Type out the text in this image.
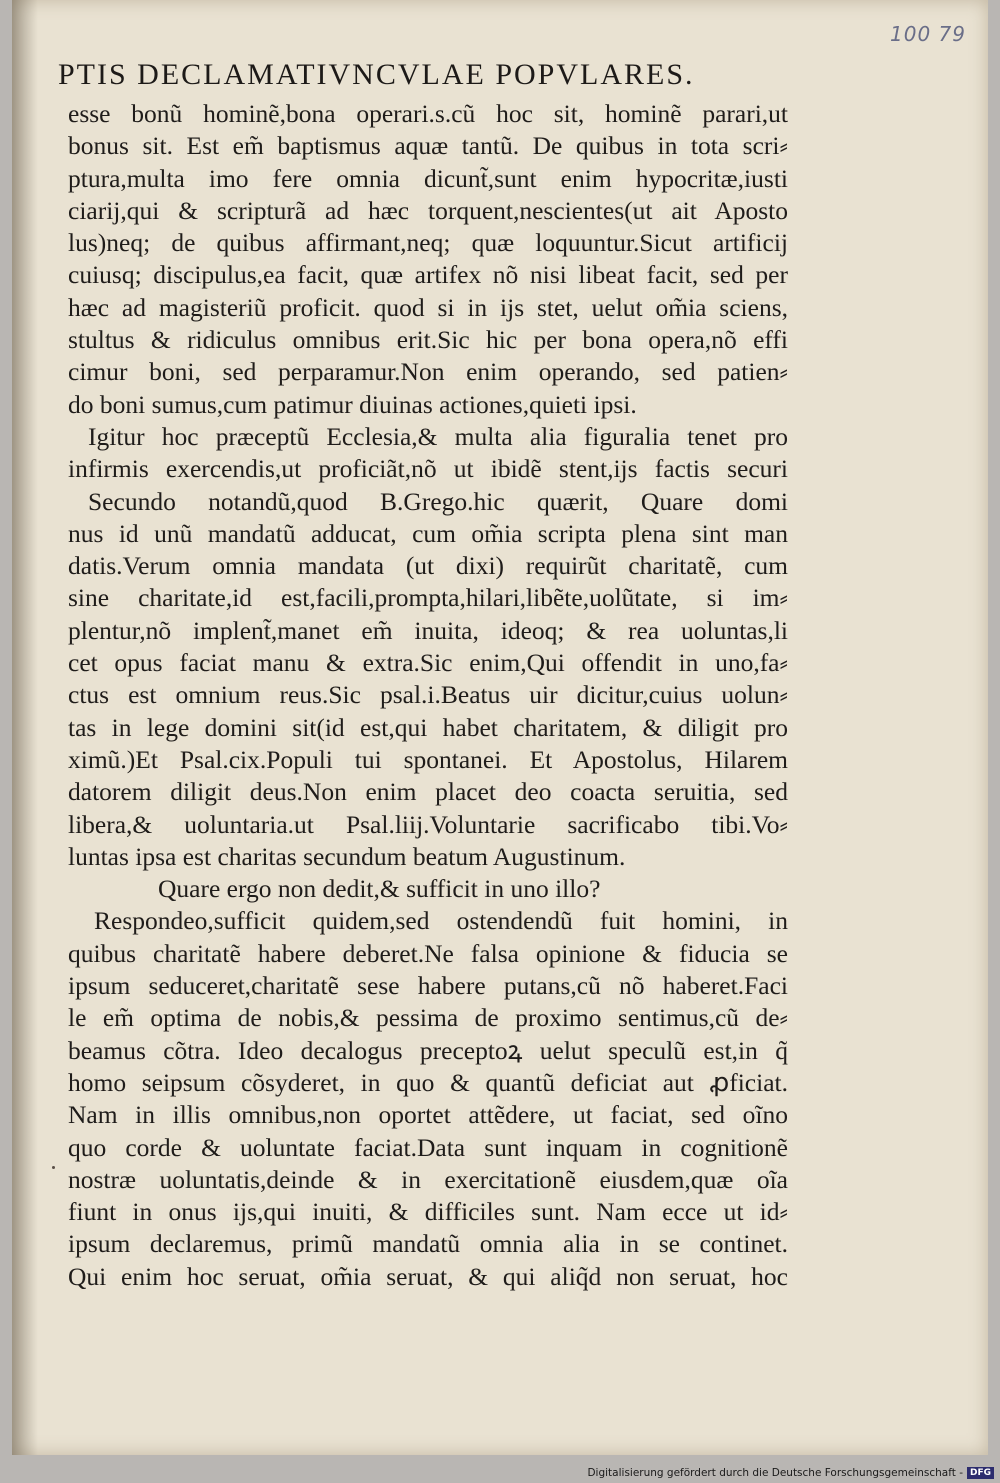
100 79
PTIS DECLAMATIVNCVLAE POPVLARES.
esse bonũ hominẽ,bona operari.s.cũ hoc sit, hominẽ parari,ut
bonus sit. Est em̃ baptismus aquæ tantũ. De quibus in tota scri⸗
ptura,multa imo fere omnia dicunt̃,sunt enim hypocritæ,iusti
ciarij,qui & scripturã ad hæc torquent,nescientes(ut ait Aposto
lus)neq; de quibus affirmant,neq; quæ loquuntur.Sicut artificij
cuiusq; discipulus,ea facit, quæ artifex nõ nisi libeat facit, sed per
hæc ad magisteriũ proficit. quod si in ijs stet, uelut om̃ia sciens,
stultus & ridiculus omnibus erit.Sic hic per bona opera,nõ effi
cimur boni, sed perparamur.Non enim operando, sed patien⸗
do boni sumus,cum patimur diuinas actiones,quieti ipsi.
Igitur hoc præceptũ Ecclesia,& multa alia figuralia tenet pro
infirmis exercendis,ut proficiãt,nõ ut ibidẽ stent,ijs factis securi
Secundo notandũ,quod B.Grego.hic quærit, Quare domi
nus id unũ mandatũ adducat, cum om̃ia scripta plena sint man
datis.Verum omnia mandata (ut dixi) requirũt charitatẽ, cum
sine charitate,id est,facili,prompta,hilari,libẽte,uolũtate, si im⸗
plentur,nõ implent̃,manet em̃ inuita, ideoq; & rea uoluntas,li
cet opus faciat manu & extra.Sic enim,Qui offendit in uno,fa⸗
ctus est omnium reus.Sic psal.i.Beatus uir dicitur,cuius uolun⸗
tas in lege domini sit(id est,qui habet charitatem, & diligit pro
ximũ.)Et Psal.cix.Populi tui spontanei. Et Apostolus, Hilarem
datorem diligit deus.Non enim placet deo coacta seruitia, sed
libera,& uoluntaria.ut Psal.liij.Voluntarie sacrificabo tibi.Vo⸗
luntas ipsa est charitas secundum beatum Augustinum.
Quare ergo non dedit,& sufficit in uno illo?
Respondeo,sufficit quidem,sed ostendendũ fuit homini, in
quibus charitatẽ habere deberet.Ne falsa opinione & fiducia se
ipsum seduceret,charitatẽ sese habere putans,cũ nõ haberet.Faci
le em̃ optima de nobis,& pessima de proximo sentimus,cũ de⸗
beamus cõtra. Ideo decalogus preceptoꝝ uelut speculũ est,in q̃
homo seipsum cõsyderet, in quo & quantũ deficiat aut ꝓficiat.
Nam in illis omnibus,non oportet attẽdere, ut faciat, sed oĩno
quo corde & uoluntate faciat.Data sunt inquam in cognitionẽ
nostræ uoluntatis,deinde & in exercitationẽ eiusdem,quæ oĩa
fiunt in onus ijs,qui inuiti, & difficiles sunt. Nam ecce ut id⸗
ipsum declaremus, primũ mandatũ omnia alia in se continet.
Qui enim hoc seruat, om̃ia seruat, & qui aliq̃d non seruat, hoc
Digitalisierung gefördert durch die Deutsche Forschungsgemeinschaft - DFG
